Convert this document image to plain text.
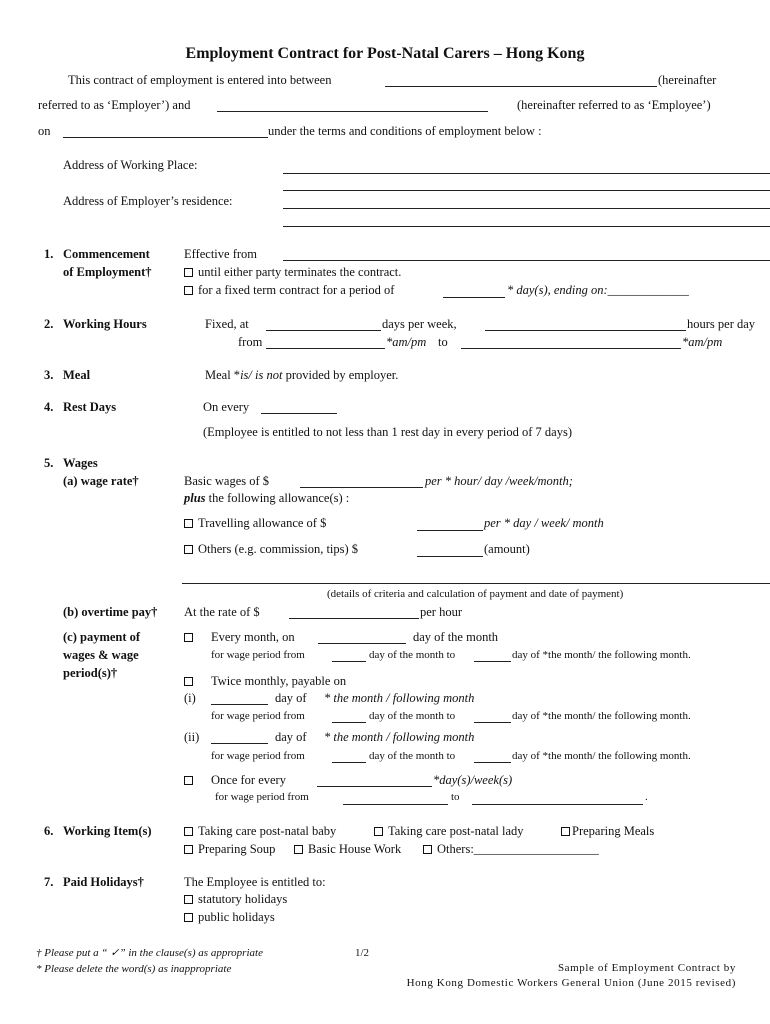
Employment Contract for Post-Natal Carers – Hong Kong
This contract of employment is entered into between	(hereinafter
referred to as ‘Employer’) and	(hereinafter referred to as ‘Employee’)
on	under the terms and conditions of employment below :
Address of Working Place:
Address of Employer’s residence:
1. Commencement
of Employment†
Effective from
until either party terminates the contract.
for a fixed term contract for a period of	* day(s), ending on:_____________
2. Working Hours	Fixed, at	days per week,	hours per day
from	*am/pm to	*am/pm
3. Meal	Meal *is/ is not provided by employer.
4. Rest Days	On every
(Employee is entitled to not less than 1 rest day in every period of 7 days)
5. Wages
(a) wage rate†	Basic wages of $	per * hour/ day /week/month;
plus the following allowance(s) :
Travelling allowance of $	per * day / week/ month
Others (e.g. commission, tips) $	(amount)
(details of criteria and calculation of payment and date of payment)
(b) overtime pay† At the rate of $	per hour
(c) payment of
wages & wage
period(s)†
Every month, on	day of the month
for wage period from	day of the month to	day of *the month/ the following month.
Twice monthly, payable on
(i)	day of * the month / following month
for wage period from	day of the month to	day of *the month/ the following month.
(ii)	day of * the month / following month
for wage period from	day of the month to	day of *the month/ the following month.
Once for every	*day(s)/week(s)
for wage period from	to	.
6. Working Item(s)	Taking care post-natal baby	Taking care post-natal lady	Preparing Meals
Preparing Soup	Basic House Work	Others:____________________
7. Paid Holidays†	The Employee is entitled to:
statutory holidays
public holidays
† Please put a “ ✓” in the clause(s) as appropriate
* Please delete the word(s) as inappropriate
1/2
Sample of Employment Contract by
Hong Kong Domestic Workers General Union (June 2015 revised)
